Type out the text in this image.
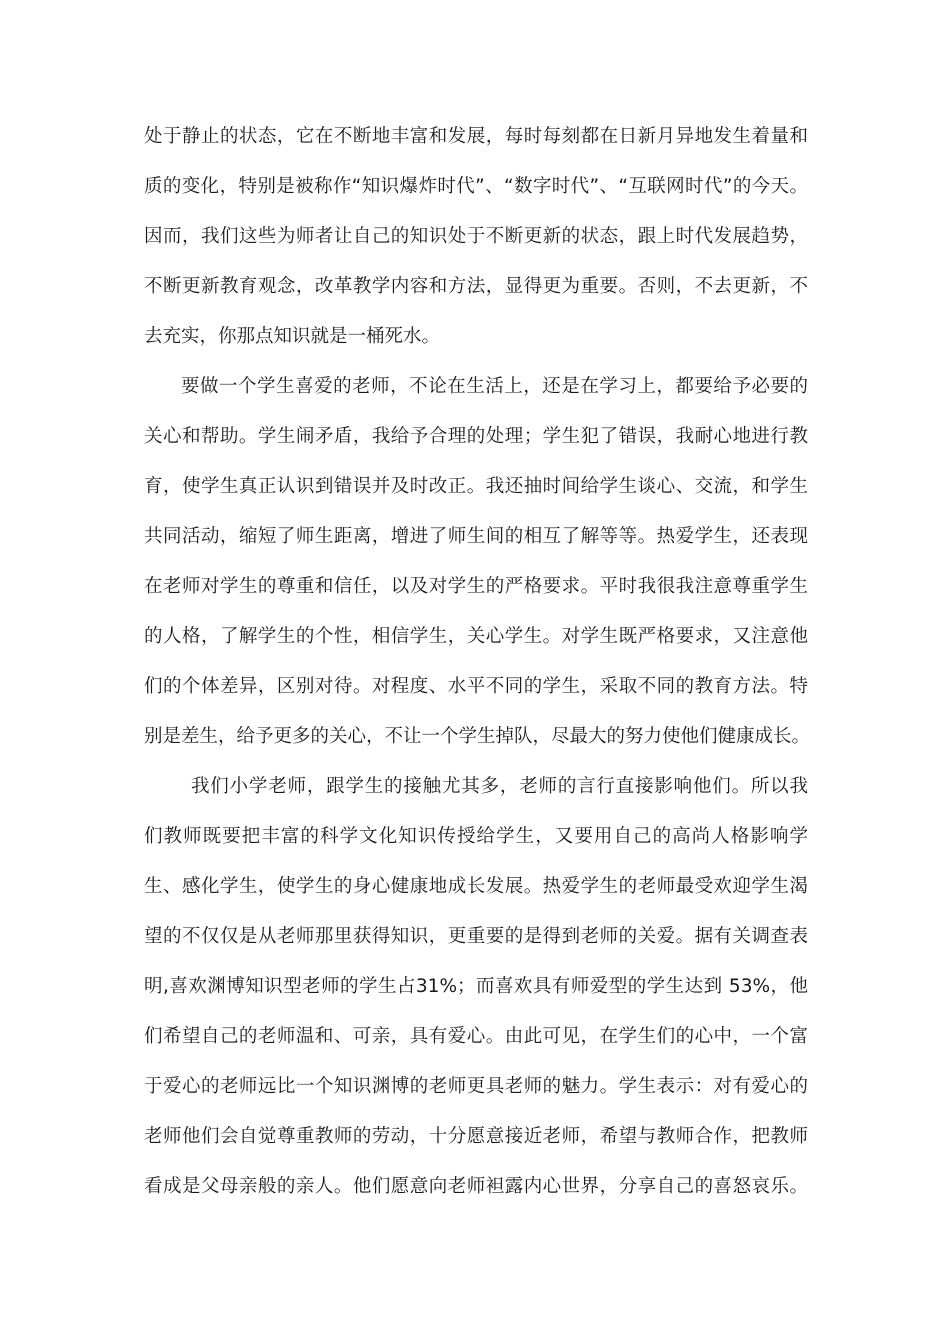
处于静止的状态，它在不断地丰富和发展，每时每刻都在日新月异地发生着量和
质的变化，特别是被称作“知识爆炸时代”、“数字时代”、“互联网时代”的今天。
因而，我们这些为师者让自己的知识处于不断更新的状态，跟上时代发展趋势，
不断更新教育观念，改革教学内容和方法，显得更为重要。否则，不去更新，不
去充实，你那点知识就是一桶死水。
要做一个学生喜爱的老师，不论在生活上，还是在学习上，都要给予必要的
关心和帮助。学生闹矛盾，我给予合理的处理；学生犯了错误，我耐心地进行教
育，使学生真正认识到错误并及时改正。我还抽时间给学生谈心、交流，和学生
共同活动，缩短了师生距离，增进了师生间的相互了解等等。热爱学生，还表现
在老师对学生的尊重和信任，以及对学生的严格要求。平时我很我注意尊重学生
的人格，了解学生的个性，相信学生，关心学生。对学生既严格要求，又注意他
们的个体差异，区别对待。对程度、水平不同的学生，采取不同的教育方法。特
别是差生，给予更多的关心，不让一个学生掉队，尽最大的努力使他们健康成长。
我们小学老师，跟学生的接触尤其多，老师的言行直接影响他们。所以我
们教师既要把丰富的科学文化知识传授给学生，又要用自己的高尚人格影响学
生、感化学生，使学生的身心健康地成长发展。热爱学生的老师最受欢迎学生渴
望的不仅仅是从老师那里获得知识，更重要的是得到老师的关爱。据有关调查表
明,喜欢渊博知识型老师的学生占31%；而喜欢具有师爱型的学生达到 53%，他
们希望自己的老师温和、可亲，具有爱心。由此可见，在学生们的心中，一个富
于爱心的老师远比一个知识渊博的老师更具老师的魅力。学生表示：对有爱心的
老师他们会自觉尊重教师的劳动，十分愿意接近老师，希望与教师合作，把教师
看成是父母亲般的亲人。他们愿意向老师袒露内心世界，分享自己的喜怒哀乐。
